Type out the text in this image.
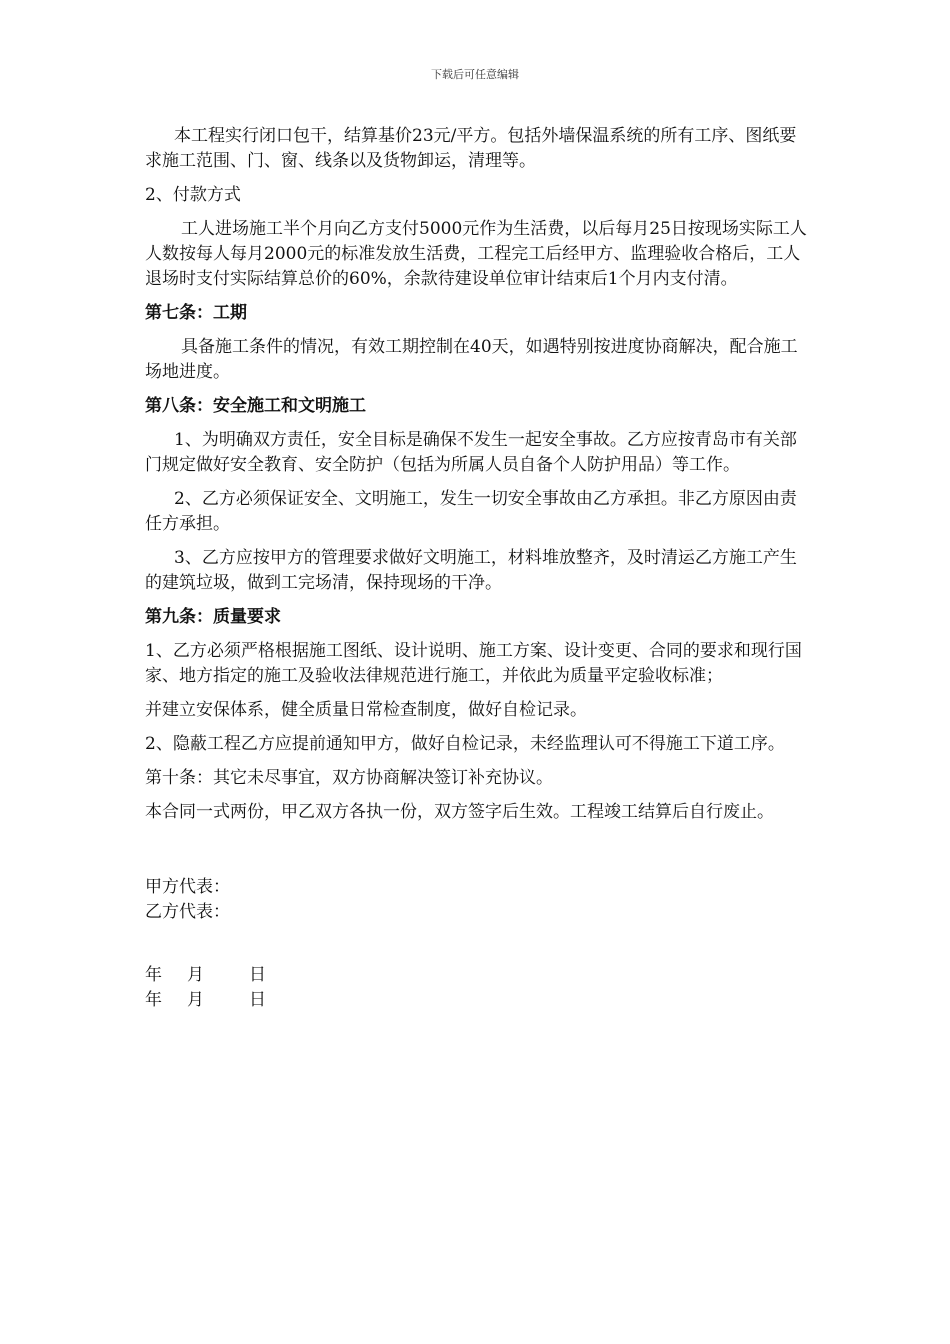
下载后可任意编辑

本工程实行闭口包干，结算基价23元/平方。包括外墙保温系统的所有工序、图纸要求施工范围、门、窗、线条以及货物卸运，清理等。

2、付款方式

工人进场施工半个月向乙方支付5000元作为生活费，以后每月25日按现场实际工人人数按每人每月2000元的标准发放生活费，工程完工后经甲方、监理验收合格后，工人退场时支付实际结算总价的60%，余款待建设单位审计结束后1个月内支付清。

第七条：工期

具备施工条件的情况，有效工期控制在40天，如遇特别按进度协商解决，配合施工场地进度。

第八条：安全施工和文明施工

1、为明确双方责任，安全目标是确保不发生一起安全事故。乙方应按青岛市有关部门规定做好安全教育、安全防护（包括为所属人员自备个人防护用品）等工作。

2、乙方必须保证安全、文明施工，发生一切安全事故由乙方承担。非乙方原因由责任方承担。

3、乙方应按甲方的管理要求做好文明施工，材料堆放整齐，及时清运乙方施工产生的建筑垃圾，做到工完场清，保持现场的干净。

第九条：质量要求

1、乙方必须严格根据施工图纸、设计说明、施工方案、设计变更、合同的要求和现行国家、地方指定的施工及验收法律规范进行施工，并依此为质量平定验收标准；

并建立安保体系，健全质量日常检查制度，做好自检记录。

2、隐蔽工程乙方应提前通知甲方，做好自检记录，未经监理认可不得施工下道工序。

第十条：其它未尽事宜，双方协商解决签订补充协议。

本合同一式两份，甲乙双方各执一份，双方签字后生效。工程竣工结算后自行废止。

甲方代表：
乙方代表：
年 月	日
年 月	日
